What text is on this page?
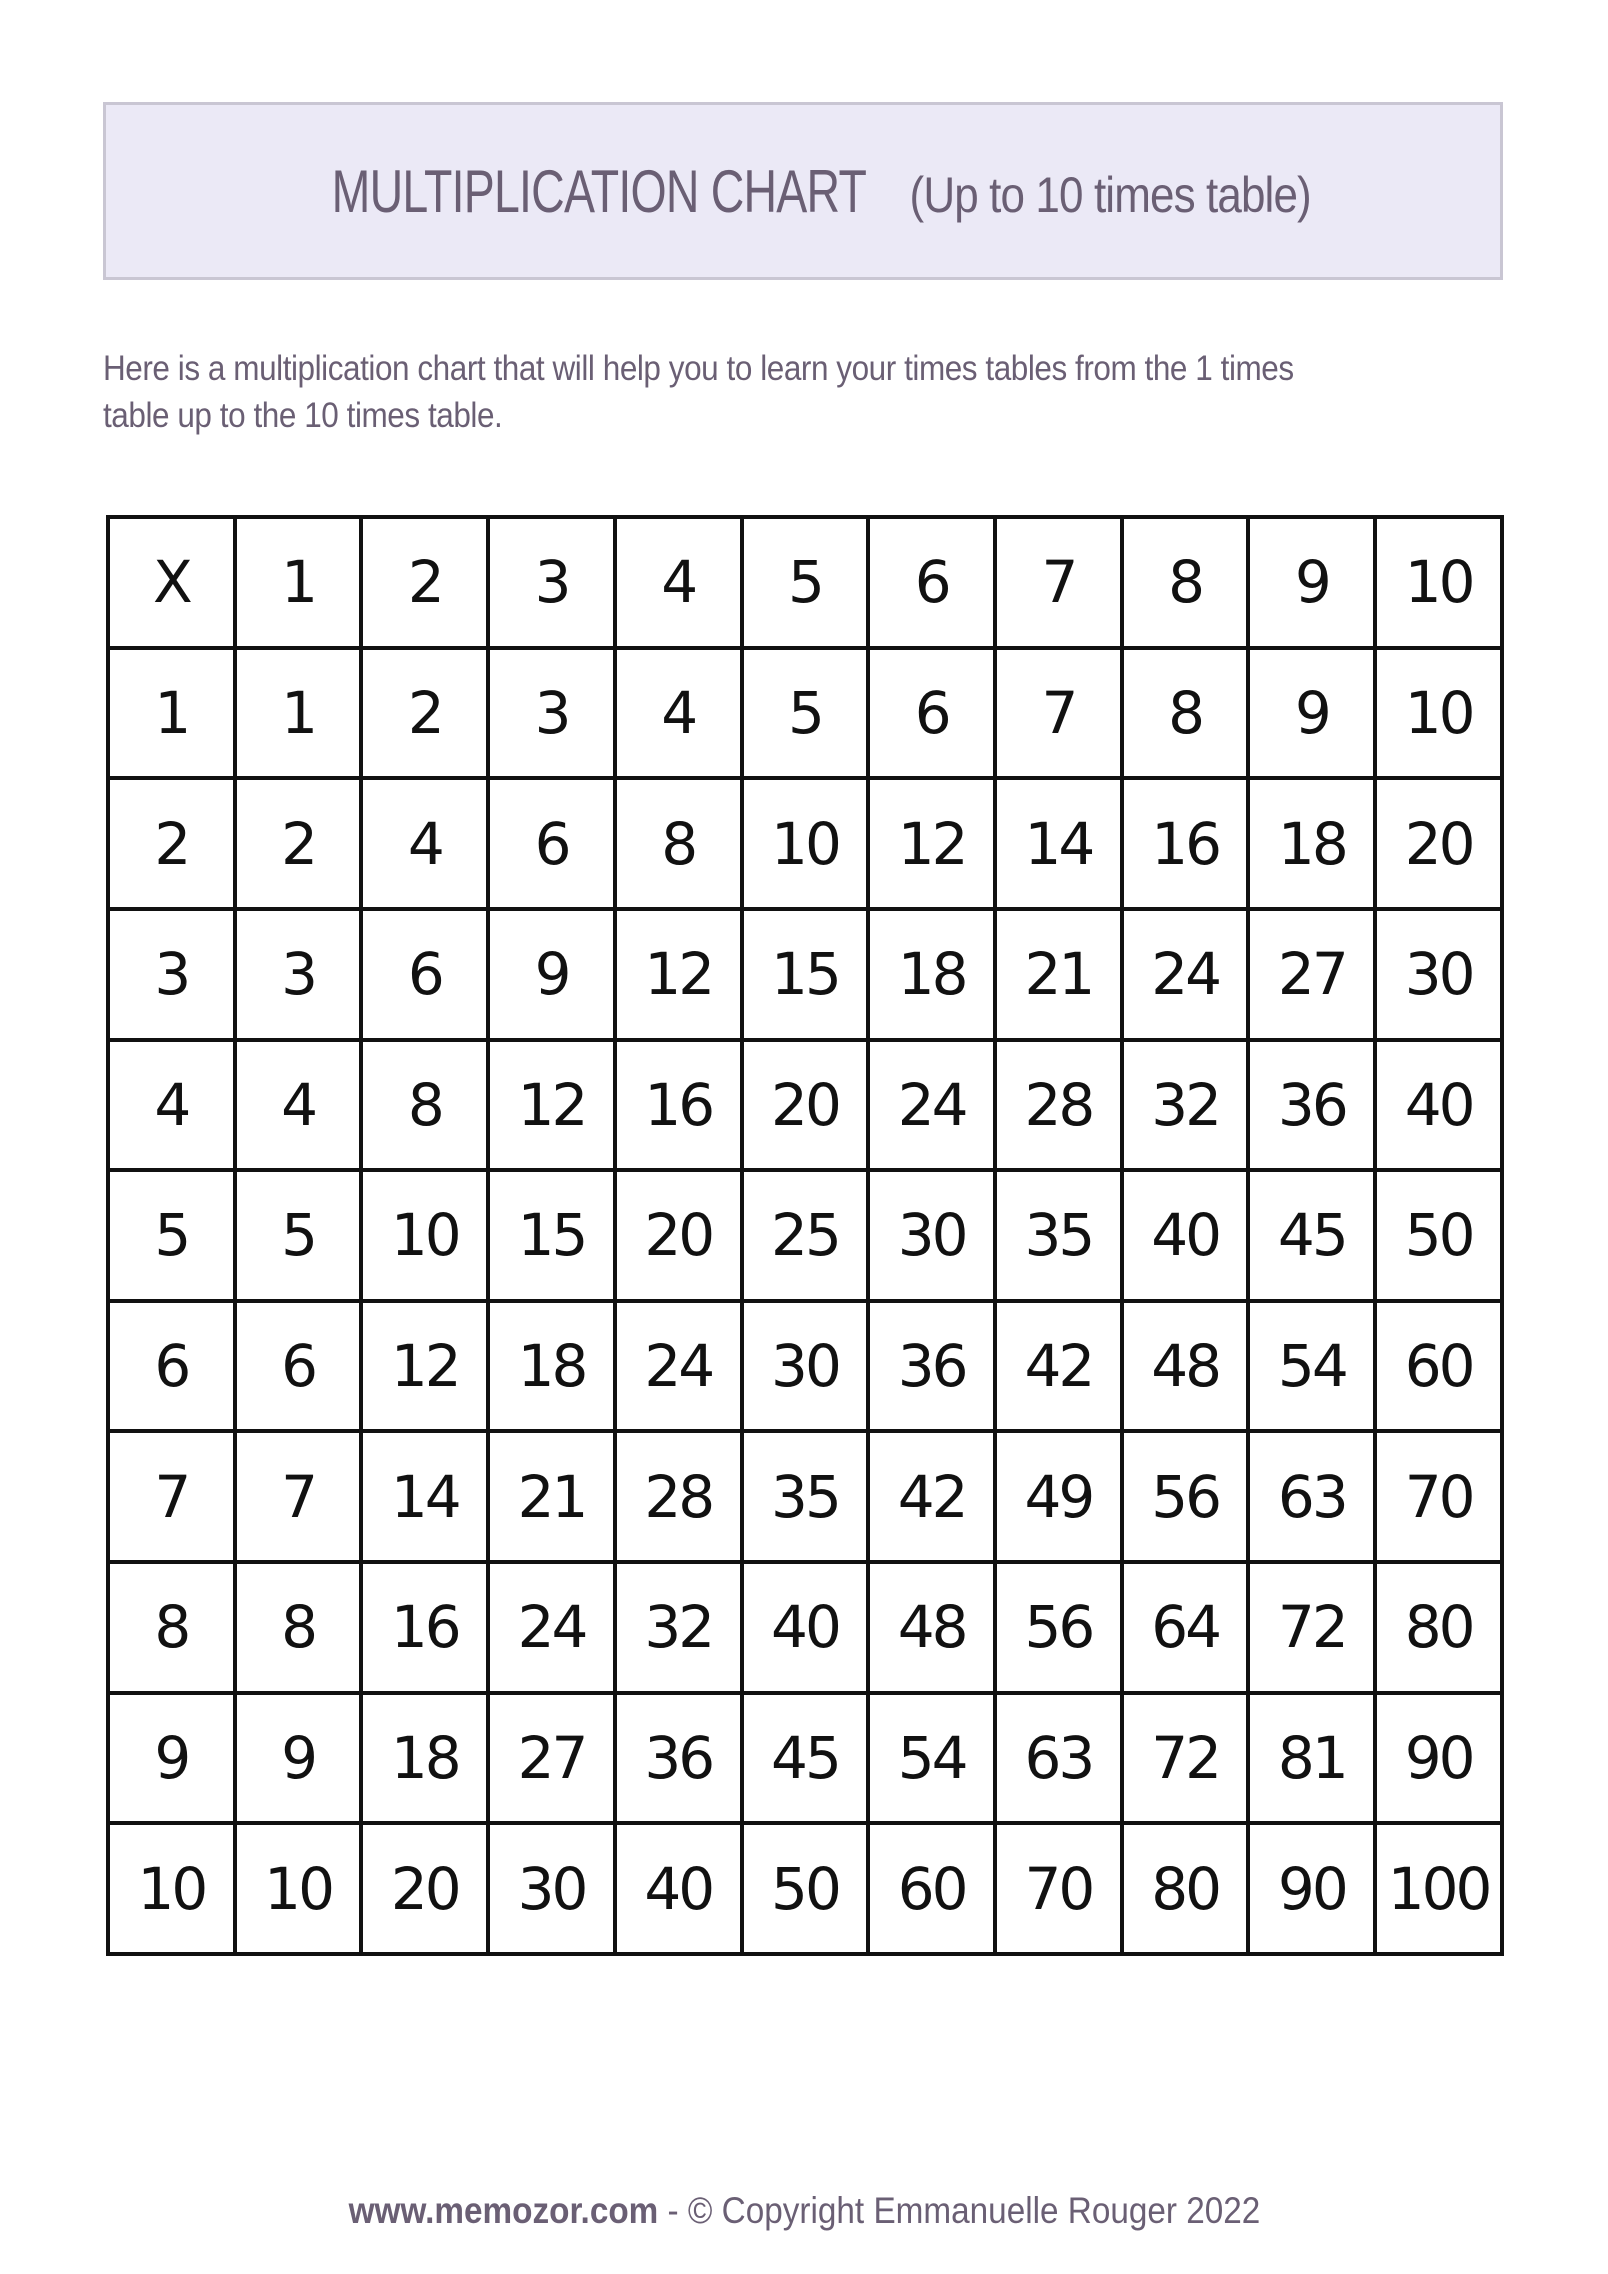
MULTIPLICATION CHART (Up to 10 times table)
Here is a multiplication chart that will help you to learn your times tables from the 1 times
table up to the 10 times table.
X	1	2	3	4	5	6	7	8	9	10
1	1	2	3	4	5	6	7	8	9	10
2	2	4	6	8	10	12	14	16	18	20
3	3	6	9	12	15	18	21	24	27	30
4	4	8	12	16	20	24	28	32	36	40
5	5	10	15	20	25	30	35	40	45	50
6	6	12	18	24	30	36	42	48	54	60
7	7	14	21	28	35	42	49	56	63	70
8	8	16	24	32	40	48	56	64	72	80
9	9	18	27	36	45	54	63	72	81	90
10	10	20	30	40	50	60	70	80	90	100
www.memozor.com - © Copyright Emmanuelle Rouger 2022
